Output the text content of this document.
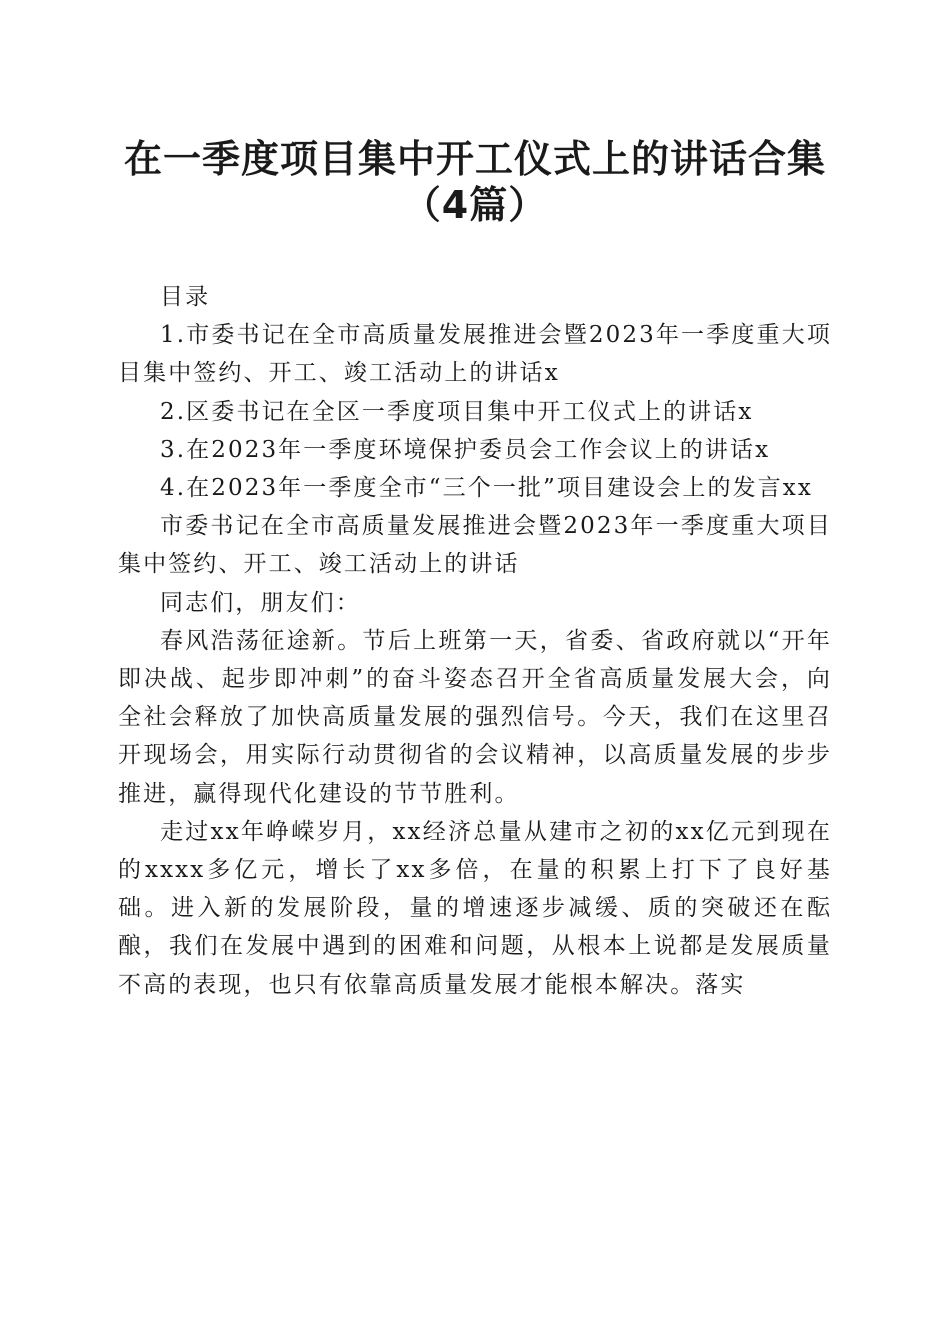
在一季度项目集中开工仪式上的讲话合集（4篇）

目录

1.市委书记在全市高质量发展推进会暨2023年一季度重大项目集中签约、开工、竣工活动上的讲话x

2.区委书记在全区一季度项目集中开工仪式上的讲话x

3.在2023年一季度环境保护委员会工作会议上的讲话x

4.在2023年一季度全市“三个一批”项目建设会上的发言xx

市委书记在全市高质量发展推进会暨2023年一季度重大项目集中签约、开工、竣工活动上的讲话

同志们，朋友们：

春风浩荡征途新。节后上班第一天，省委、省政府就以“开年即决战、起步即冲刺”的奋斗姿态召开全省高质量发展大会，向全社会释放了加快高质量发展的强烈信号。今天，我们在这里召开现场会，用实际行动贯彻省的会议精神，以高质量发展的步步推进，赢得现代化建设的节节胜利。

走过xx年峥嵘岁月，xx经济总量从建市之初的xx亿元到现在的xxxx多亿元，增长了xx多倍，在量的积累上打下了良好基础。进入新的发展阶段，量的增速逐步减缓、质的突破还在酝酿，我们在发展中遇到的困难和问题，从根本上说都是发展质量不高的表现，也只有依靠高质量发展才能根本解决。落实
